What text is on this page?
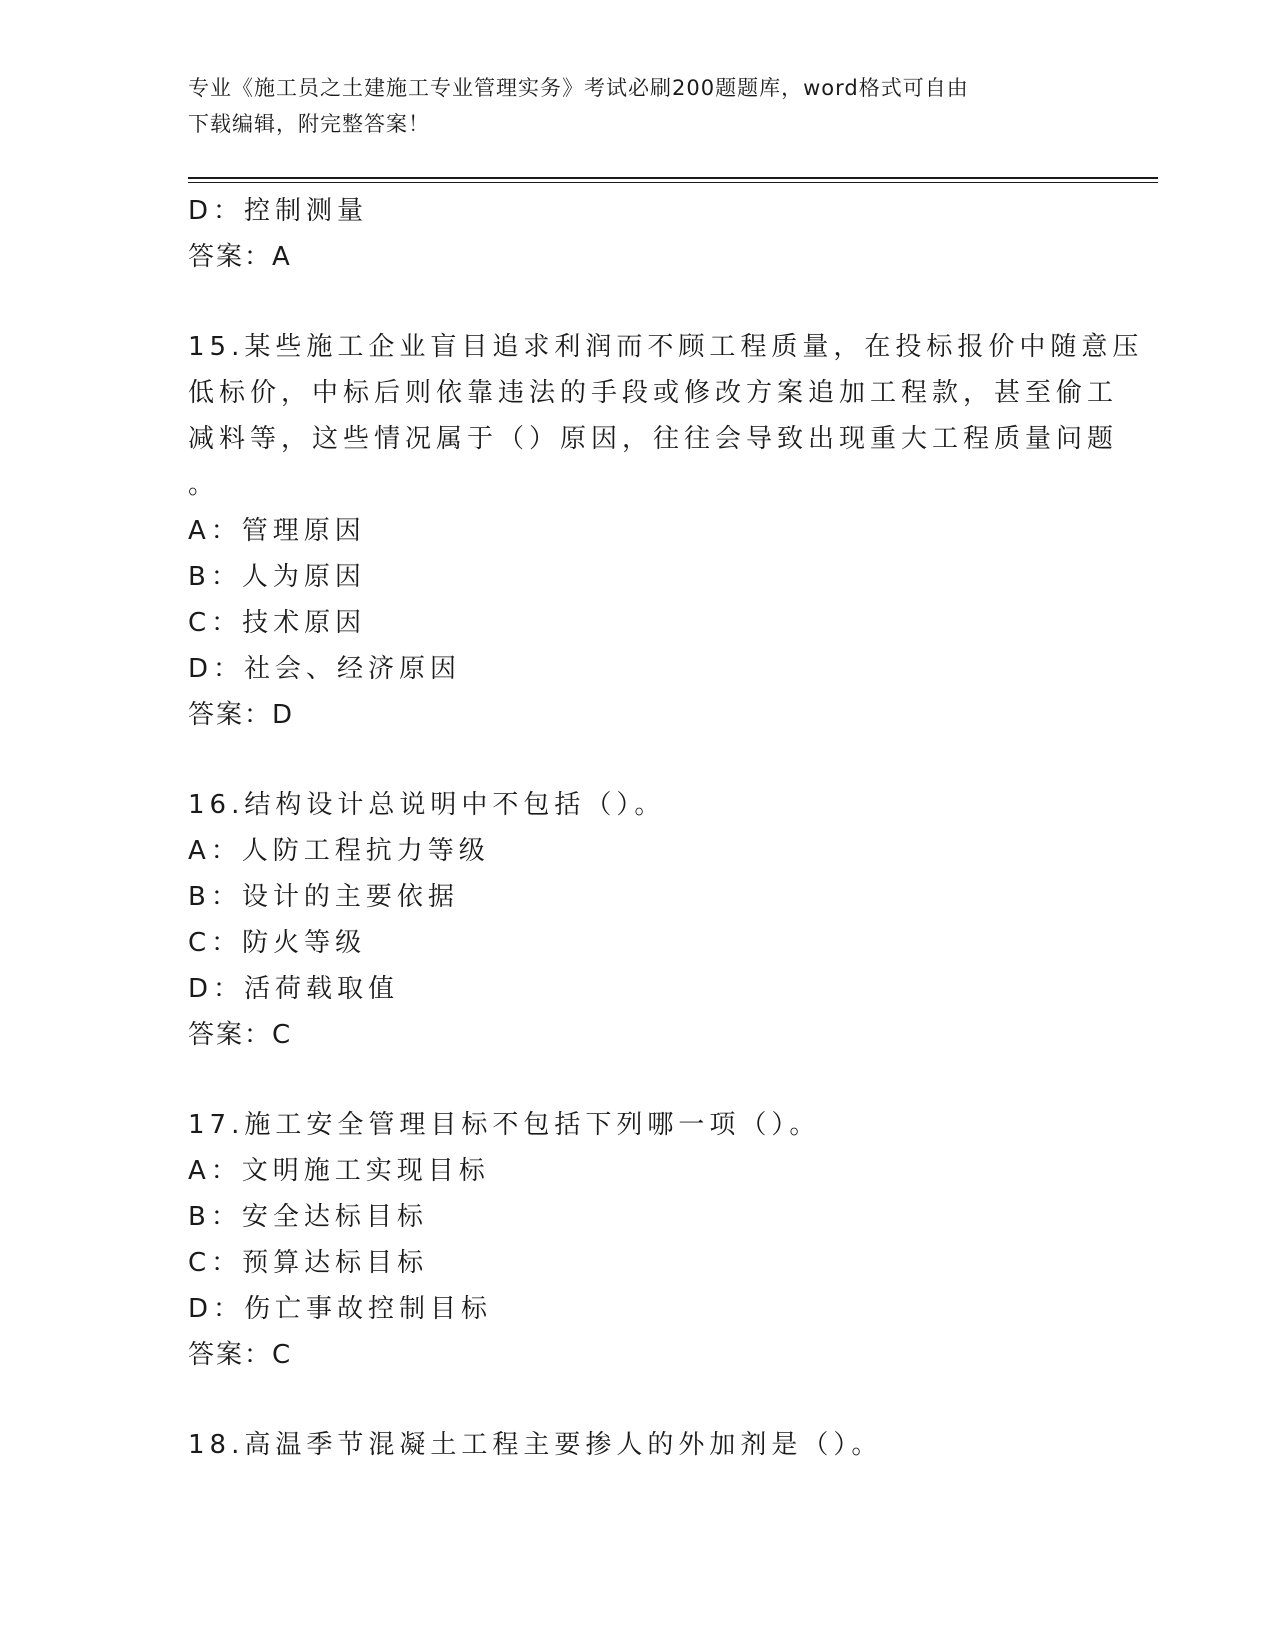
专业《施工员之土建施工专业管理实务》考试必刷200题题库，word格式可自由
下载编辑，附完整答案！
D：控制测量
答案：A
15.某些施工企业盲目追求利润而不顾工程质量，在投标报价中随意压
低标价，中标后则依靠违法的手段或修改方案追加工程款，甚至偷工
减料等，这些情况属于（）原因，往往会导致出现重大工程质量问题
。
A：管理原因
B：人为原因
C：技术原因
D：社会、经济原因
答案：D
16.结构设计总说明中不包括（）。
A：人防工程抗力等级
B：设计的主要依据
C：防火等级
D：活荷载取值
答案：C
17.施工安全管理目标不包括下列哪一项（）。
A：文明施工实现目标
B：安全达标目标
C：预算达标目标
D：伤亡事故控制目标
答案：C
18.高温季节混凝土工程主要掺人的外加剂是（）。
